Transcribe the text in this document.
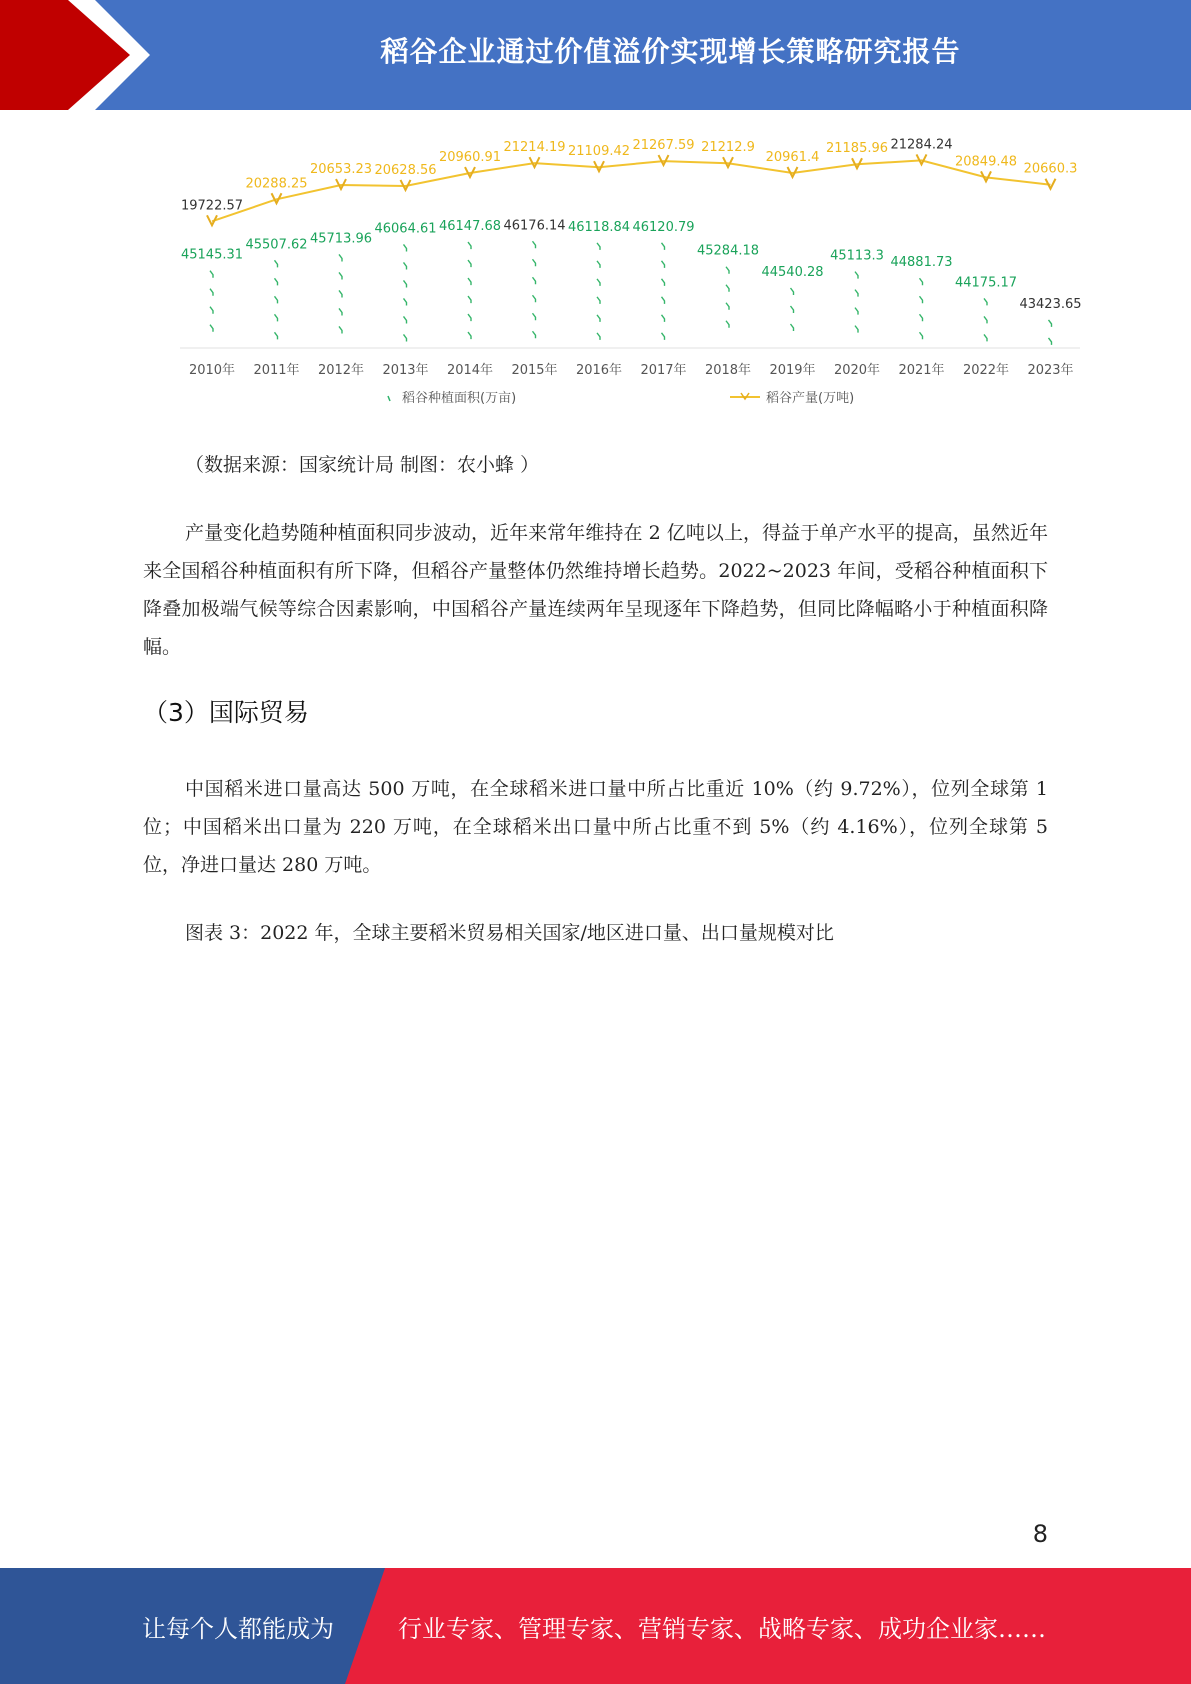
稻谷企业通过价值溢价实现增长策略研究报告
19722.57
20288.25
20653.23 20628.56
20960.91
21214.19 21109.42 21267.59 21212.9
20961.4
21185.96 21284.24
20849.48 20660.3
45145.31
45507.62 45713.96
46064.61 46147.68 46176.14 46118.84 46120.79
45284.18
44540.28
45113.3 44881.73
44175.17
43423.65
2010年 2011年 2012年 2013年 2014年 2015年 2016年 2017年 2018年 2019年 2020年 2021年 2022年 2023年
稻谷种植面积(万亩)	稻谷产量(万吨)
（数据来源：国家统计局 制图：农小蜂 ）
产量变化趋势随种植面积同步波动，近年来常年维持在 2 亿吨以上，得益于单产水平的提高，虽然近年来全国稻谷种植面积有所下降，但稻谷产量整体仍然维持增长趋势。2022~2023 年间，受稻谷种植面积下降叠加极端气候等综合因素影响，中国稻谷产量连续两年呈现逐年下降趋势，但同比降幅略小于种植面积降幅。
（3）国际贸易
中国稻米进口量高达 500 万吨，在全球稻米进口量中所占比重近 10%（约 9.72%），位列全球第 1 位；中国稻米出口量为 220 万吨，在全球稻米出口量中所占比重不到 5%（约 4.16%），位列全球第 5 位，净进口量达 280 万吨。
图表 3：2022 年，全球主要稻米贸易相关国家/地区进口量、出口量规模对比
8
让每个人都能成为	行业专家、管理专家、营销专家、战略专家、成功企业家……
